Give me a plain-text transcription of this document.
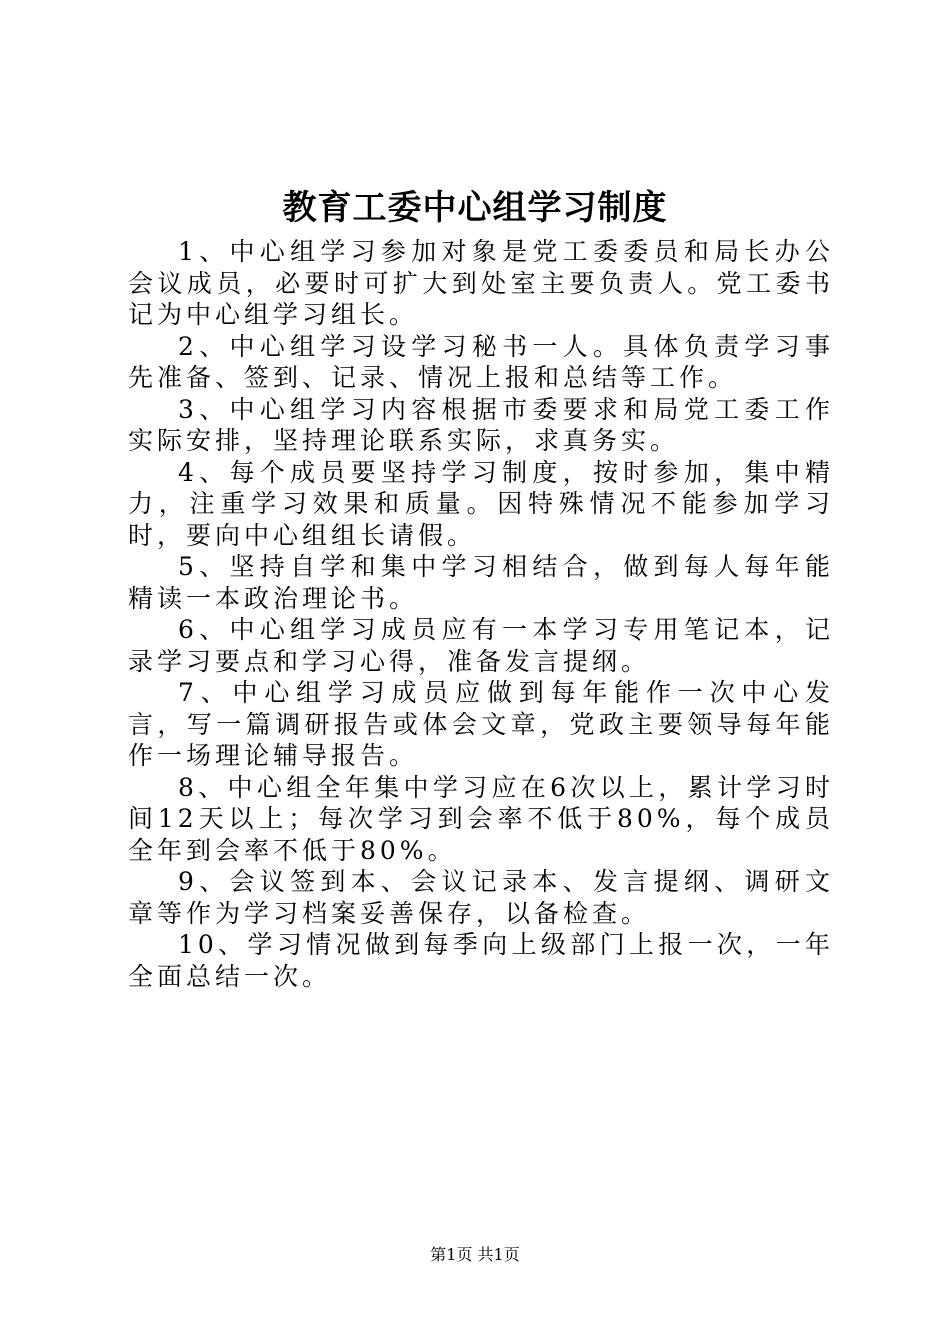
教育工委中心组学习制度

1、中心组学习参加对象是党工委委员和局长办公会议成员，必要时可扩大到处室主要负责人。党工委书记为中心组学习组长。

2、中心组学习设学习秘书一人。具体负责学习事先准备、签到、记录、情况上报和总结等工作。

3、中心组学习内容根据市委要求和局党工委工作实际安排，坚持理论联系实际，求真务实。

4、每个成员要坚持学习制度，按时参加，集中精力，注重学习效果和质量。因特殊情况不能参加学习时，要向中心组组长请假。

5、坚持自学和集中学习相结合，做到每人每年能精读一本政治理论书。

6、中心组学习成员应有一本学习专用笔记本，记录学习要点和学习心得，准备发言提纲。

7、中心组学习成员应做到每年能作一次中心发言，写一篇调研报告或体会文章，党政主要领导每年能作一场理论辅导报告。

8、中心组全年集中学习应在6次以上，累计学习时间12天以上；每次学习到会率不低于80%，每个成员全年到会率不低于80%。

9、会议签到本、会议记录本、发言提纲、调研文章等作为学习档案妥善保存，以备检查。

10、学习情况做到每季向上级部门上报一次，一年全面总结一次。

第1页 共1页
